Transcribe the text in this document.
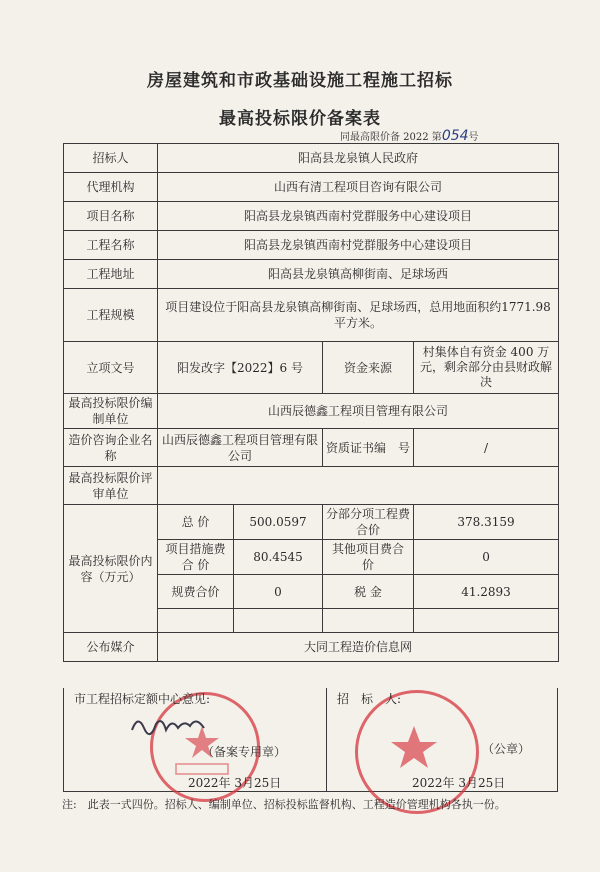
房屋建筑和市政基础设施工程施工招标
最高投标限价备案表
同最高限价备 2022 第054号
招标人	阳高县龙泉镇人民政府			
代理机构	山西有清工程项目咨询有限公司			
项目名称	阳高县龙泉镇西南村党群服务中心建设项目			
工程名称	阳高县龙泉镇西南村党群服务中心建设项目			
工程地址	阳高县龙泉镇高柳街南、足球场西			
工程规模	项目建设位于阳高县龙泉镇高柳街南、足球场西，总用地面积约1771.98 平方米。			
立项文号	阳发改字【2022】6 号		资金来源	村集体自有资金 400 万元，剩余部分由县财政解决
最高投标限价编制单位	山西辰德鑫工程项目管理有限公司			
造价咨询企业名称	山西辰德鑫工程项目管理有限公司		资质证书编　号	/
最高投标限价评审单位				
最高投标限价内容（万元）	总 价	500.0597	分部分项工程费合价	378.3159
	项目措施费合 价	80.4545	其他项目费合 价	0
	规费合价	0	税 金	41.2893

公布媒介	大同工程造价信息网			
市工程招标定额中心意见:
（备案专用章）
2022年 3月25日
招　标　人:
（公章）
2022年 3月25日
注:　此表一式四份。招标人、编制单位、招标投标监督机构、工程造价管理机构各执一份。
